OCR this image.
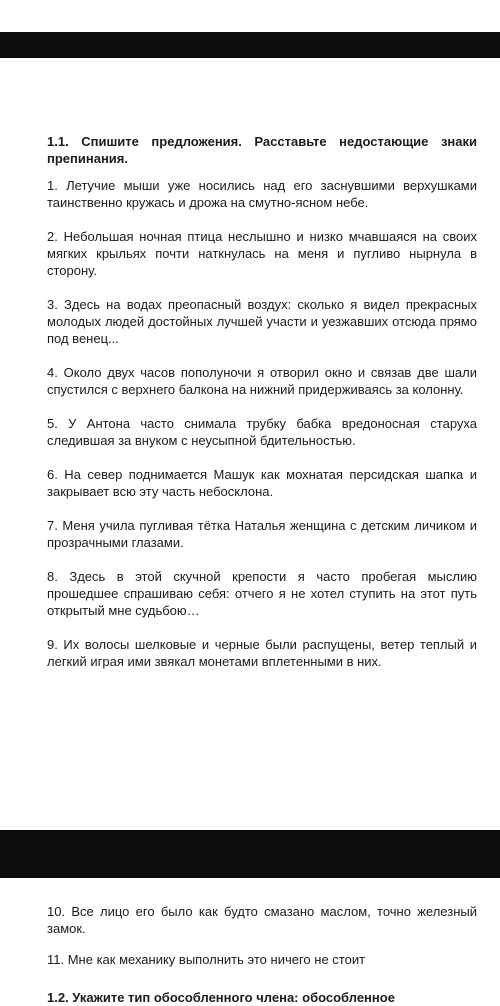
1.1. Спишите предложения. Расставьте недостающие знаки препинания.

1. Летучие мыши уже носились над его заснувшими верхушками таинственно кружась и дрожа на смутно-ясном небе.

2. Небольшая ночная птица неслышно и низко мчавшаяся на своих мягких крыльях почти наткнулась на меня и пугливо нырнула в сторону.

3. Здесь на водах преопасный воздух: сколько я видел прекрасных молодых людей достойных лучшей участи и уезжавших отсюда прямо под венец...

4. Около двух часов пополуночи я отворил окно и связав две шали спустился с верхнего балкона на нижний придерживаясь за колонну.

5. У Антона часто снимала трубку бабка вредоносная старуха следившая за внуком с неусыпной бдительностью.

6. На север поднимается Машук как мохнатая персидская шапка и закрывает всю эту часть небосклона.

7. Меня учила пугливая тётка Наталья женщина с детским личиком и прозрачными глазами.

8. Здесь в этой скучной крепости я часто пробегая мыслию прошедшее спрашиваю себя: отчего я не хотел ступить на этот путь открытый мне судьбою…

9. Их волосы шелковые и черные были распущены, ветер теплый и легкий играя ими звякал монетами вплетенными в них.

10. Все лицо его было как будто смазано маслом, точно железный замок.

11. Мне как механику выполнить это ничего не стоит

1.2. Укажите тип обособленного члена: обособленное
